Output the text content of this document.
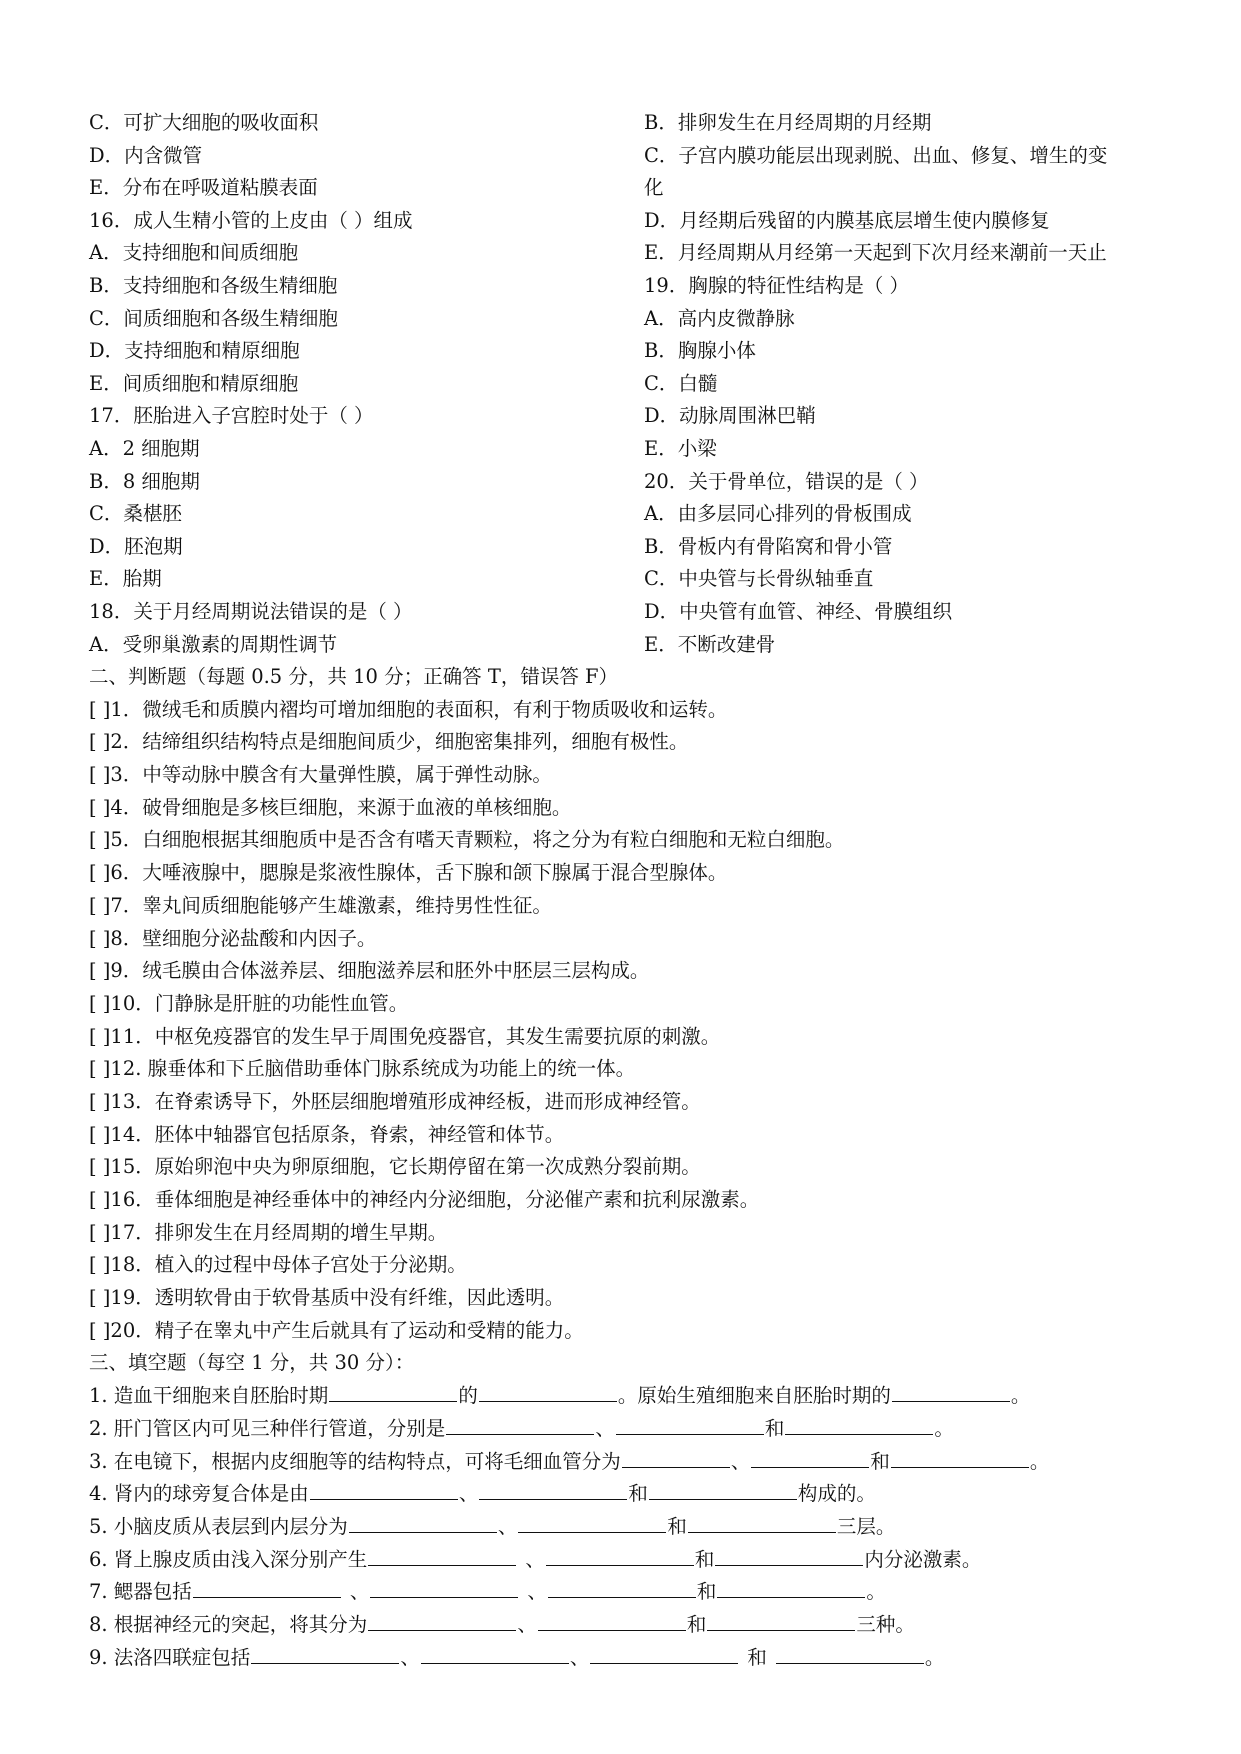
C．可扩大细胞的吸收面积
D．内含微管
E．分布在呼吸道粘膜表面
16．成人生精小管的上皮由（ ）组成
A．支持细胞和间质细胞
B．支持细胞和各级生精细胞
C．间质细胞和各级生精细胞
D．支持细胞和精原细胞
E．间质细胞和精原细胞
17．胚胎进入子宫腔时处于（ ）
A．2 细胞期
B．8 细胞期
C．桑椹胚
D．胚泡期
E．胎期
18．关于月经周期说法错误的是（ ）
A．受卵巢激素的周期性调节
B．排卵发生在月经周期的月经期
C．子宫内膜功能层出现剥脱、出血、修复、增生的变
化
D．月经期后残留的内膜基底层增生使内膜修复
E．月经周期从月经第一天起到下次月经来潮前一天止
19．胸腺的特征性结构是（ ）
A．高内皮微静脉
B．胸腺小体
C．白髓
D．动脉周围淋巴鞘
E．小梁
20．关于骨单位，错误的是（ ）
A．由多层同心排列的骨板围成
B．骨板内有骨陷窝和骨小管
C．中央管与长骨纵轴垂直
D．中央管有血管、神经、骨膜组织
E．不断改建骨
二、判断题（每题 0.5 分，共 10 分；正确答 T，错误答 F）
[ ]1．微绒毛和质膜内褶均可增加细胞的表面积，有利于物质吸收和运转。
[ ]2．结缔组织结构特点是细胞间质少，细胞密集排列，细胞有极性。
[ ]3．中等动脉中膜含有大量弹性膜，属于弹性动脉。
[ ]4．破骨细胞是多核巨细胞，来源于血液的单核细胞。
[ ]5．白细胞根据其细胞质中是否含有嗜天青颗粒，将之分为有粒白细胞和无粒白细胞。
[ ]6．大唾液腺中，腮腺是浆液性腺体，舌下腺和颌下腺属于混合型腺体。
[ ]7．睾丸间质细胞能够产生雄激素，维持男性性征。
[ ]8．壁细胞分泌盐酸和内因子。
[ ]9．绒毛膜由合体滋养层、细胞滋养层和胚外中胚层三层构成。
[ ]10．门静脉是肝脏的功能性血管。
[ ]11．中枢免疫器官的发生早于周围免疫器官，其发生需要抗原的刺激。
[ ]12. 腺垂体和下丘脑借助垂体门脉系统成为功能上的统一体。
[ ]13．在脊索诱导下，外胚层细胞增殖形成神经板，进而形成神经管。
[ ]14．胚体中轴器官包括原条，脊索，神经管和体节。
[ ]15．原始卵泡中央为卵原细胞，它长期停留在第一次成熟分裂前期。
[ ]16．垂体细胞是神经垂体中的神经内分泌细胞，分泌催产素和抗利尿激素。
[ ]17．排卵发生在月经周期的增生早期。
[ ]18．植入的过程中母体子宫处于分泌期。
[ ]19．透明软骨由于软骨基质中没有纤维，因此透明。
[ ]20．精子在睾丸中产生后就具有了运动和受精的能力。
三、填空题（每空 1 分，共 30 分）：
1. 造血干细胞来自胚胎时期	的	。原始生殖细胞来自胚胎时期的	。
2. 肝门管区内可见三种伴行管道，分别是	、	和	。
3. 在电镜下，根据内皮细胞等的结构特点，可将毛细血管分为	、	和	。
4. 肾内的球旁复合体是由	、	和	构成的。
5. 小脑皮质从表层到内层分为	、	和	三层。
6. 肾上腺皮质由浅入深分别产生	、	和	内分泌激素。
7. 鳃器包括	、	、	和	。
8. 根据神经元的突起，将其分为	、	和	三种。
9. 法洛四联症包括	、	、	和	。
